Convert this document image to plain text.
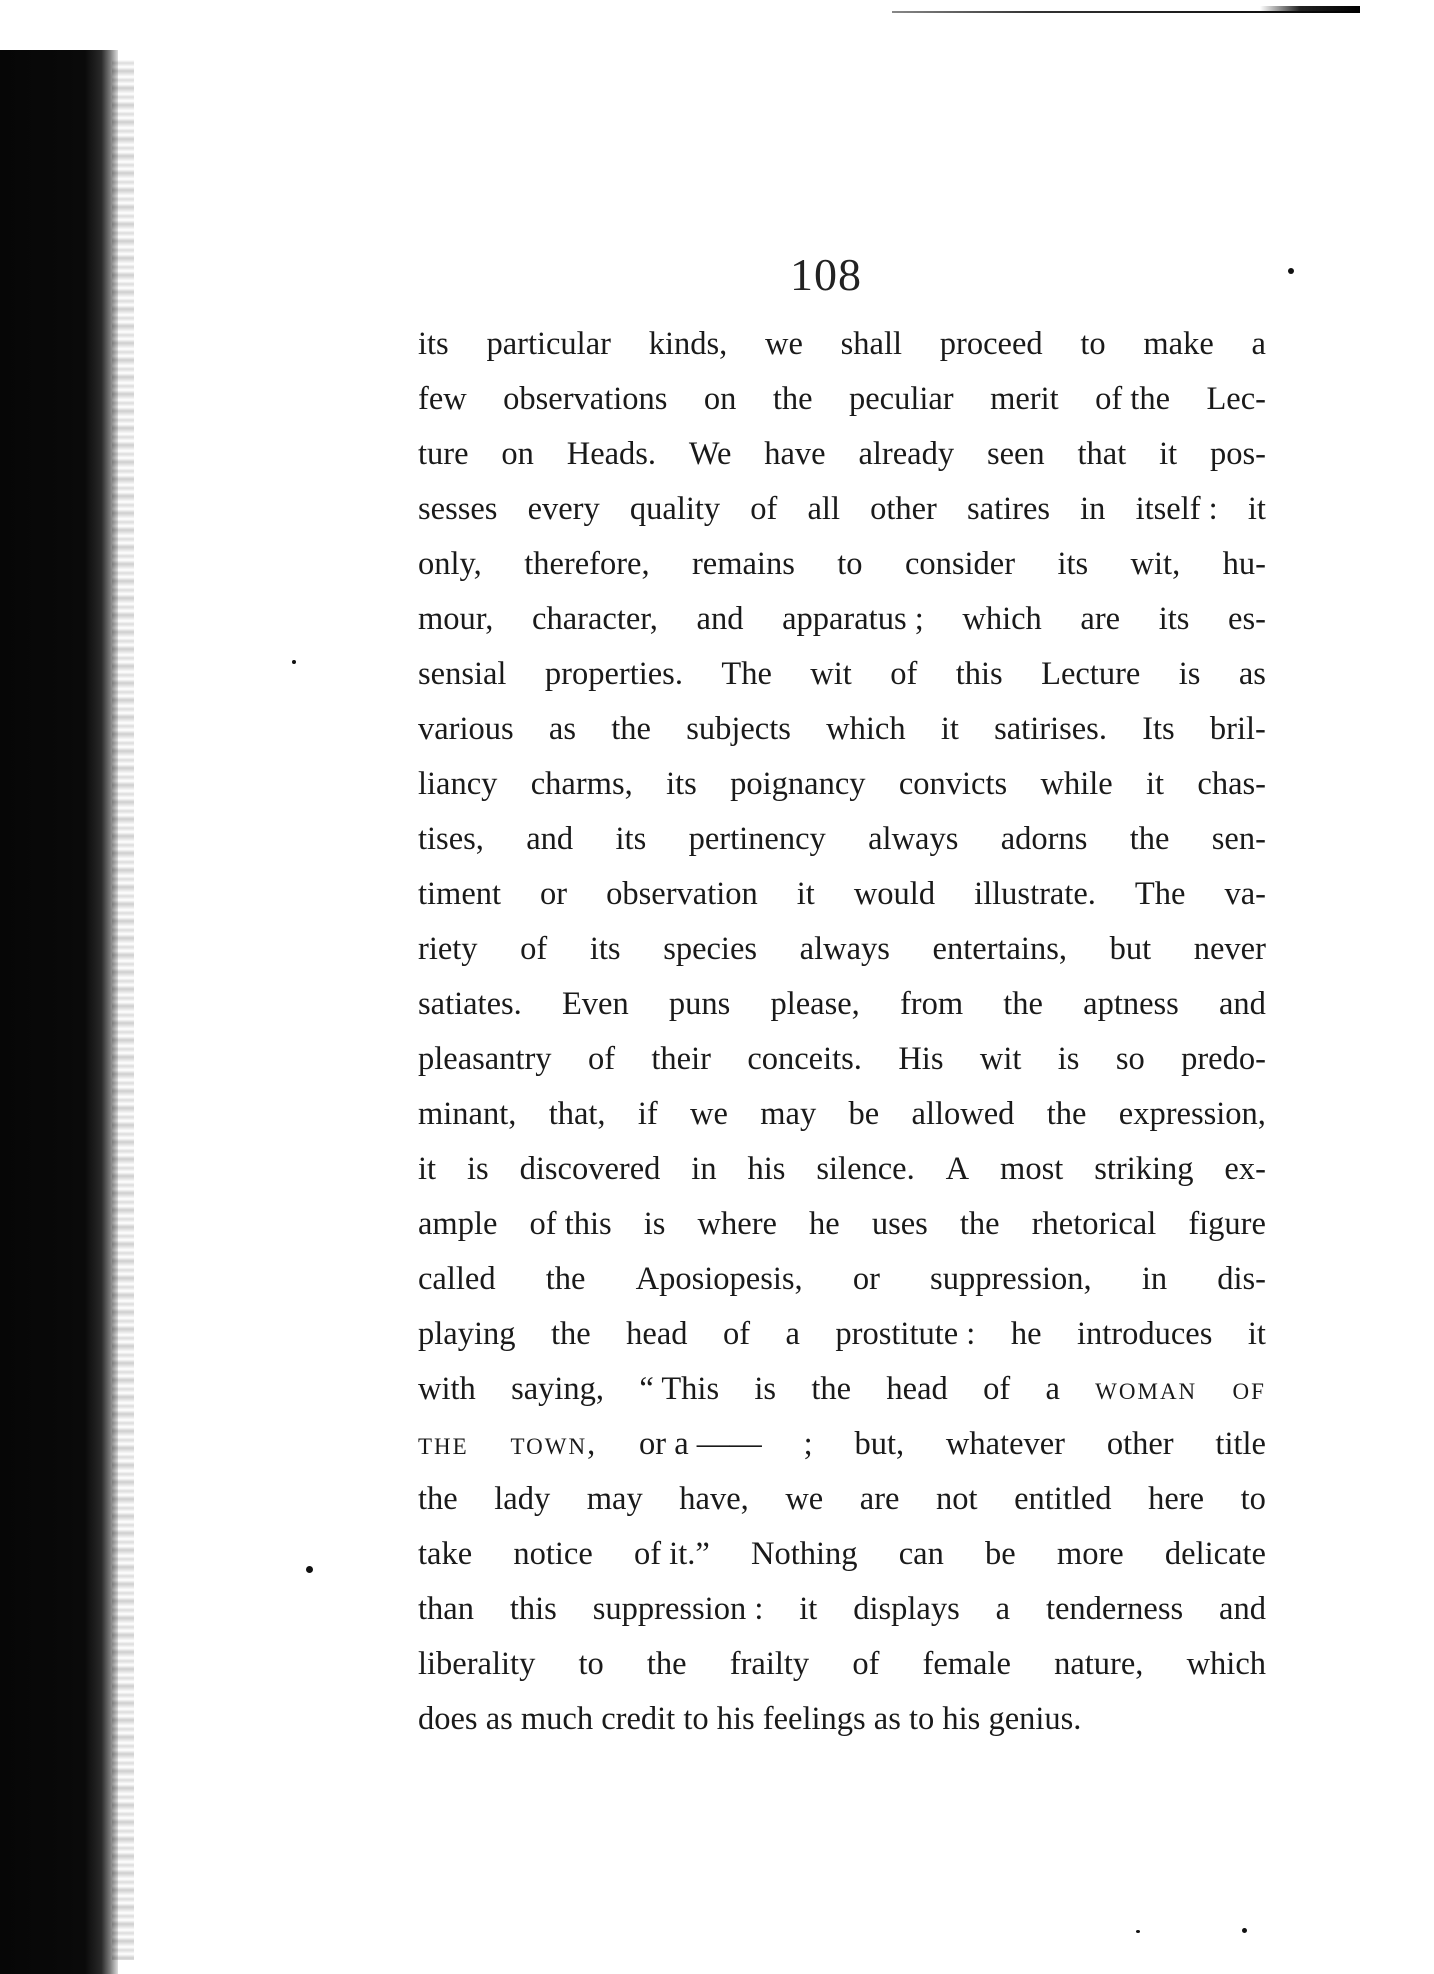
108
its particular kinds, we shall proceed to make a
few observations on the peculiar merit of the Lec-
ture on Heads. We have already seen that it pos-
sesses every quality of all other satires in itself : it
only, therefore, remains to consider its wit, hu-
mour, character, and apparatus ; which are its es-
sensial properties. The wit of this Lecture is as
various as the subjects which it satirises. Its bril-
liancy charms, its poignancy convicts while it chas-
tises, and its pertinency always adorns the sen-
timent or observation it would illustrate. The va-
riety of its species always entertains, but never
satiates. Even puns please, from the aptness and
pleasantry of their conceits. His wit is so predo-
minant, that, if we may be allowed the expression,
it is discovered in his silence. A most striking ex-
ample of this is where he uses the rhetorical figure
called the Aposiopesis, or suppression, in dis-
playing the head of a prostitute : he introduces it
with saying, “ This is the head of a woman of
the town, or a —— ; but, whatever other title
the lady may have, we are not entitled here to
take notice of it.” Nothing can be more delicate
than this suppression : it displays a tenderness and
liberality to the frailty of female nature, which
does as much credit to his feelings as to his genius.
